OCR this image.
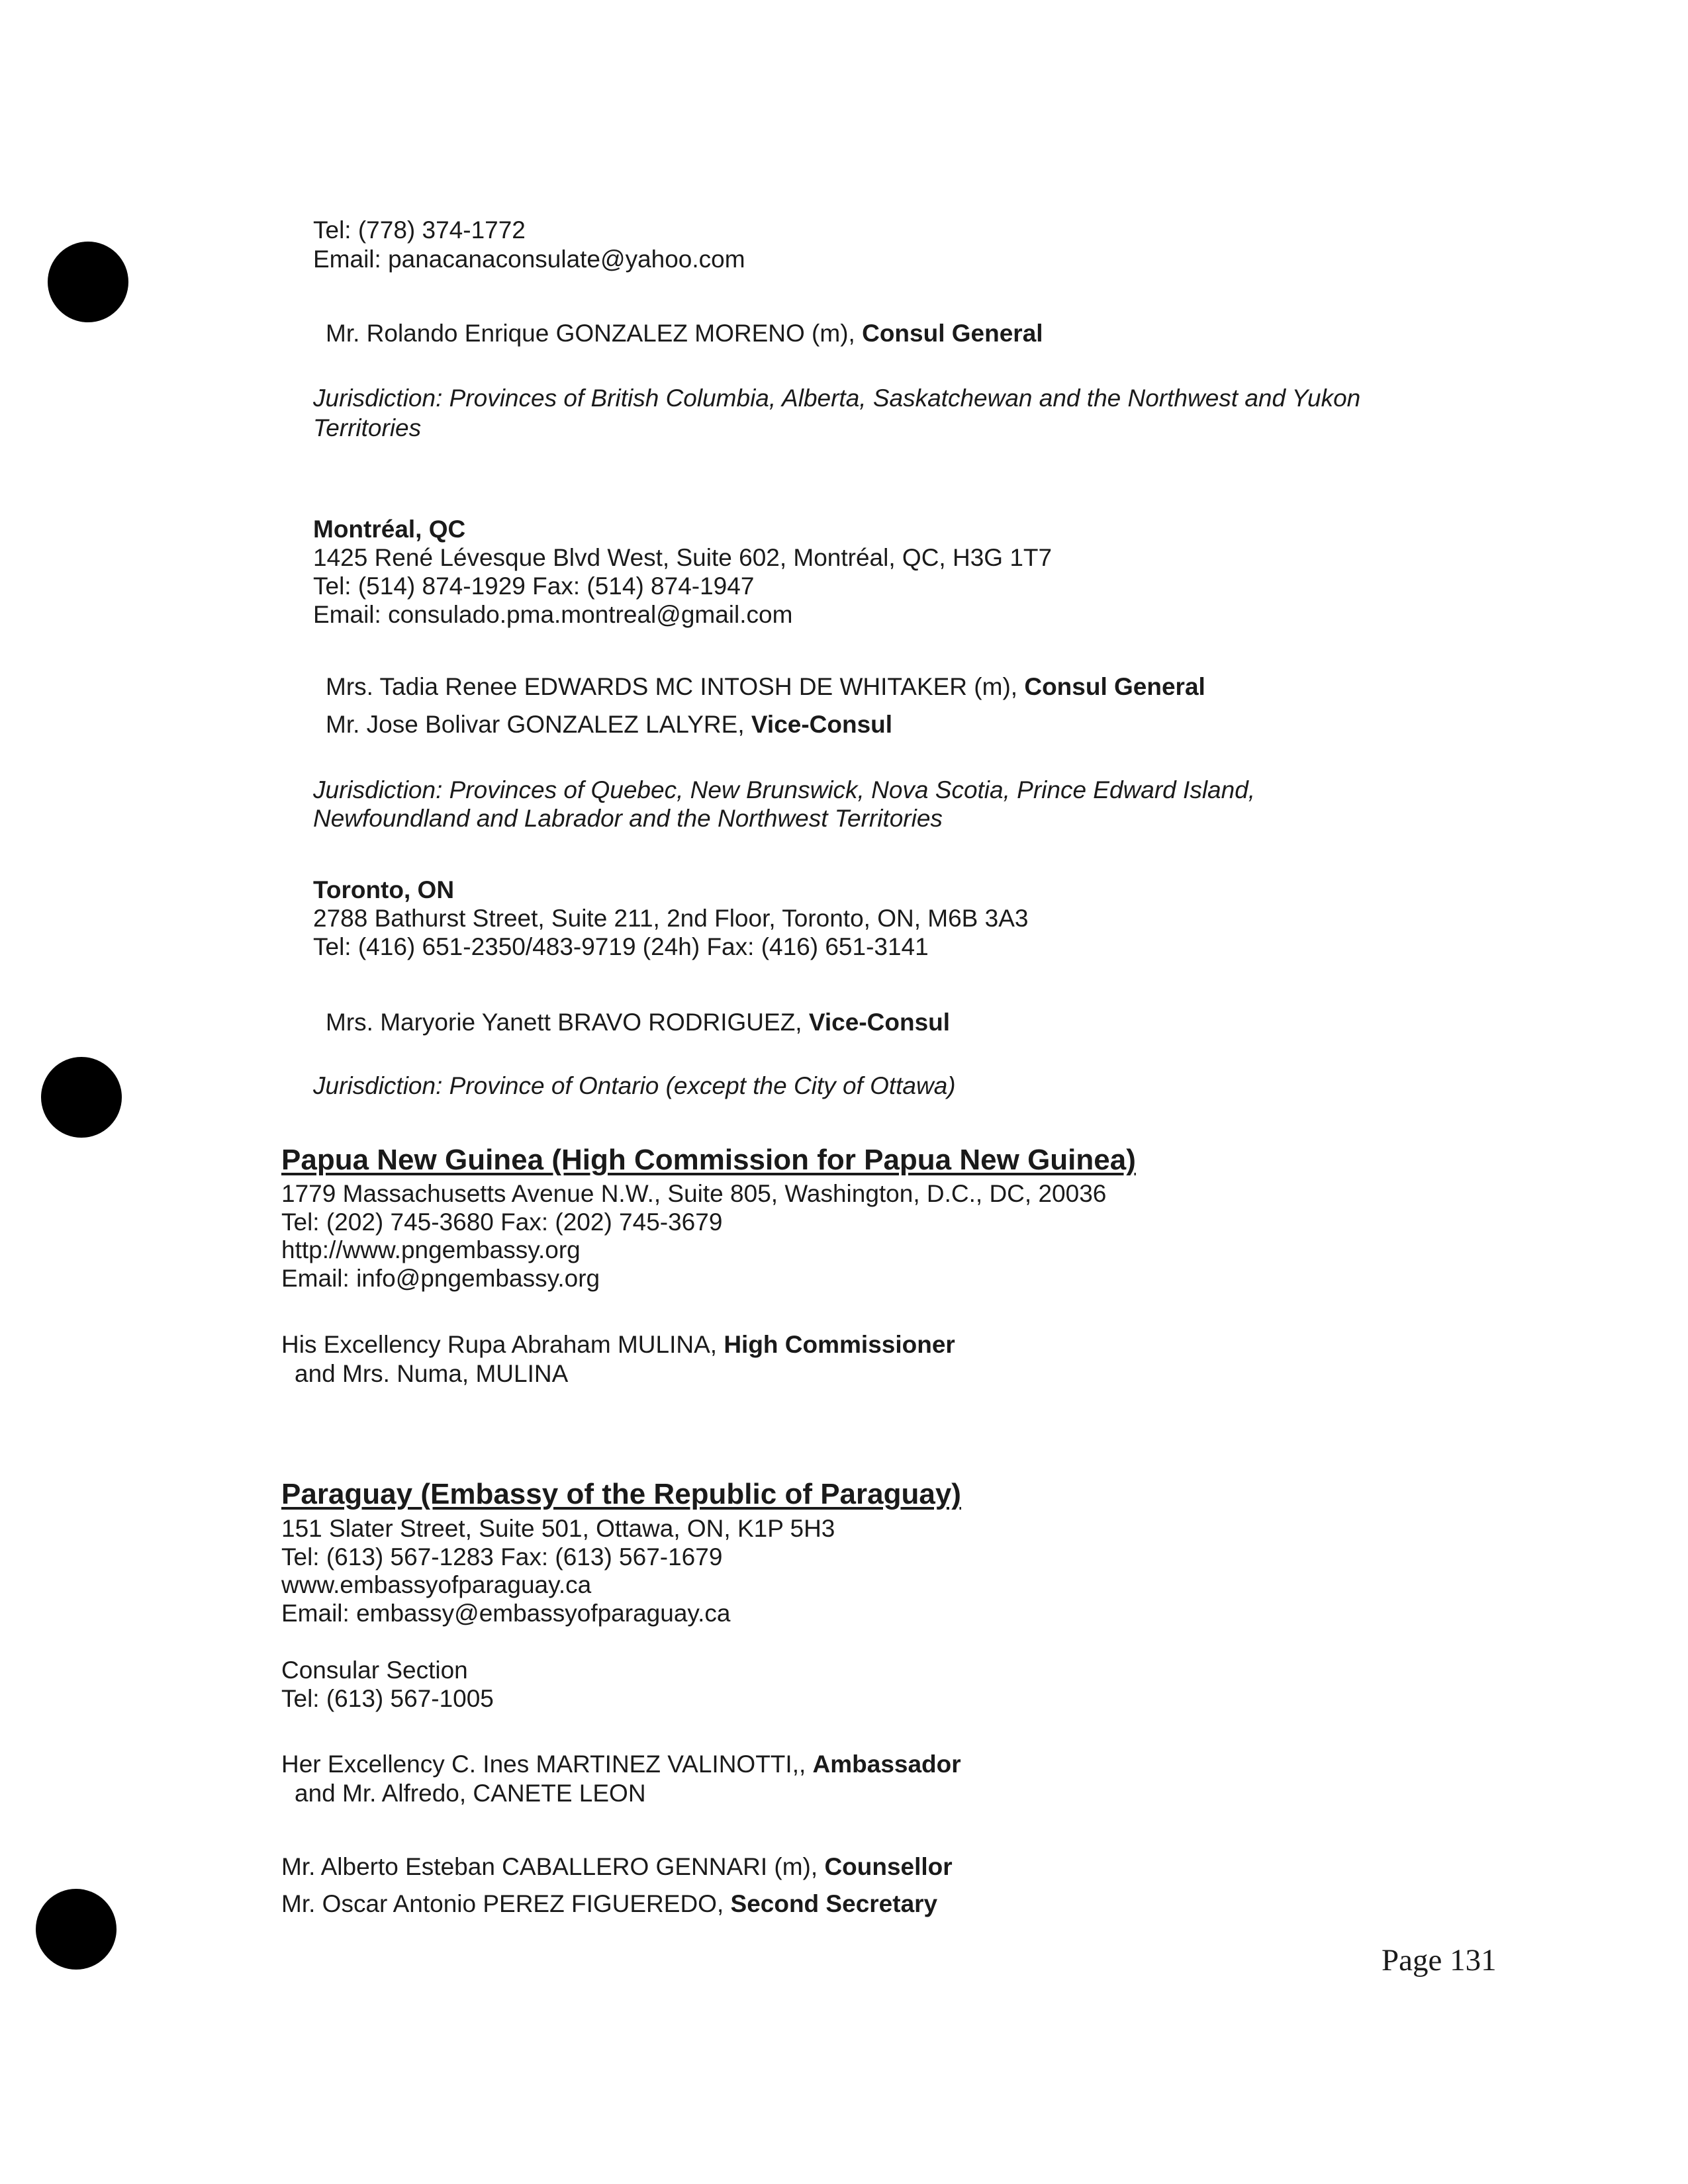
Tel: (778) 374-1772
Email: panacanaconsulate@yahoo.com
Mr. Rolando Enrique GONZALEZ MORENO (m), Consul General
Jurisdiction: Provinces of British Columbia, Alberta, Saskatchewan and the Northwest and Yukon
Territories
Montréal, QC
1425 René Lévesque Blvd West, Suite 602, Montréal, QC, H3G 1T7
Tel: (514) 874-1929 Fax: (514) 874-1947
Email: consulado.pma.montreal@gmail.com
Mrs. Tadia Renee EDWARDS MC INTOSH DE WHITAKER (m), Consul General
Mr. Jose Bolivar GONZALEZ LALYRE, Vice-Consul
Jurisdiction: Provinces of Quebec, New Brunswick, Nova Scotia, Prince Edward Island,
Newfoundland and Labrador and the Northwest Territories
Toronto, ON
2788 Bathurst Street, Suite 211, 2nd Floor, Toronto, ON, M6B 3A3
Tel: (416) 651-2350/483-9719 (24h) Fax: (416) 651-3141
Mrs. Maryorie Yanett BRAVO RODRIGUEZ, Vice-Consul
Jurisdiction: Province of Ontario (except the City of Ottawa)
Papua New Guinea (High Commission for Papua New Guinea)
1779 Massachusetts Avenue N.W., Suite 805, Washington, D.C., DC, 20036
Tel: (202) 745-3680 Fax: (202) 745-3679
http://www.pngembassy.org
Email: info@pngembassy.org
His Excellency Rupa Abraham MULINA, High Commissioner
and Mrs. Numa, MULINA
Paraguay (Embassy of the Republic of Paraguay)
151 Slater Street, Suite 501, Ottawa, ON, K1P 5H3
Tel: (613) 567-1283 Fax: (613) 567-1679
www.embassyofparaguay.ca
Email: embassy@embassyofparaguay.ca
Consular Section
Tel: (613) 567-1005
Her Excellency C. Ines MARTINEZ VALINOTTI,, Ambassador
and Mr. Alfredo, CANETE LEON
Mr. Alberto Esteban CABALLERO GENNARI (m), Counsellor
Mr. Oscar Antonio PEREZ FIGUEREDO, Second Secretary
Page 131
